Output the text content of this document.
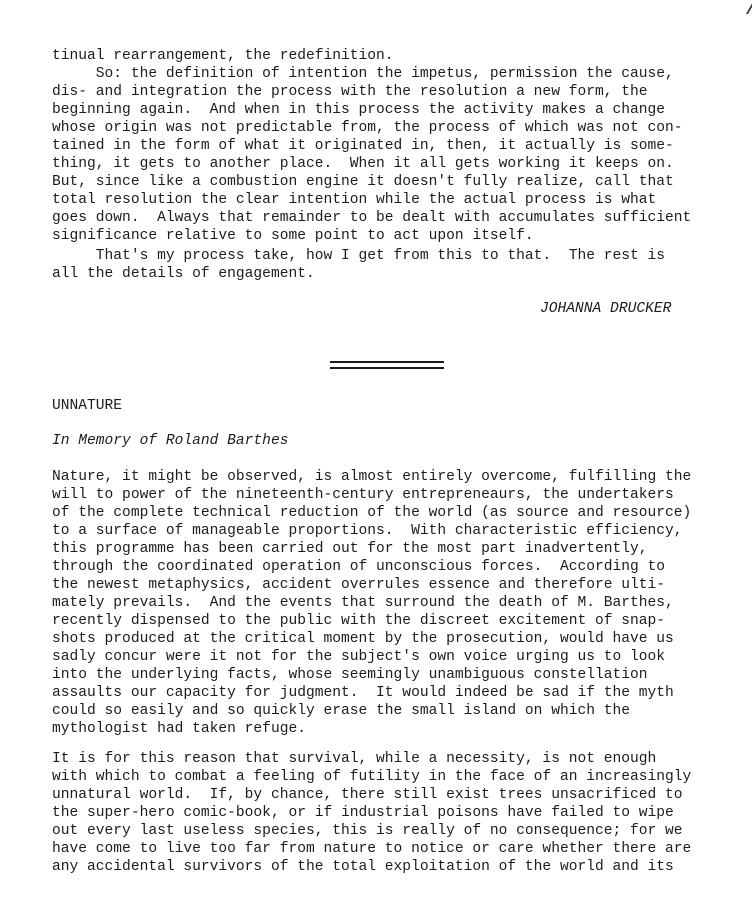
tinual rearrangement, the redefinition.
So: the definition of intention the impetus, permission the cause,
dis- and integration the process with the resolution a new form, the
beginning again.  And when in this process the activity makes a change
whose origin was not predictable from, the process of which was not con-
tained in the form of what it originated in, then, it actually is some-
thing, it gets to another place.  When it all gets working it keeps on.
But, since like a combustion engine it doesn't fully realize, call that
total resolution the clear intention while the actual process is what
goes down.  Always that remainder to be dealt with accumulates sufficient
significance relative to some point to act upon itself.
That's my process take, how I get from this to that.  The rest is
all the details of engagement.
JOHANNA DRUCKER
UNNATURE
In Memory of Roland Barthes
Nature, it might be observed, is almost entirely overcome, fulfilling the
will to power of the nineteenth-century entrepreneaurs, the undertakers
of the complete technical reduction of the world (as source and resource)
to a surface of manageable proportions.  With characteristic efficiency,
this programme has been carried out for the most part inadvertently,
through the coordinated operation of unconscious forces.  According to
the newest metaphysics, accident overrules essence and therefore ulti-
mately prevails.  And the events that surround the death of M. Barthes,
recently dispensed to the public with the discreet excitement of snap-
shots produced at the critical moment by the prosecution, would have us
sadly concur were it not for the subject's own voice urging us to look
into the underlying facts, whose seemingly unambiguous constellation
assaults our capacity for judgment.  It would indeed be sad if the myth
could so easily and so quickly erase the small island on which the
mythologist had taken refuge.
It is for this reason that survival, while a necessity, is not enough
with which to combat a feeling of futility in the face of an increasingly
unnatural world.  If, by chance, there still exist trees unsacrificed to
the super-hero comic-book, or if industrial poisons have failed to wipe
out every last useless species, this is really of no consequence; for we
have come to live too far from nature to notice or care whether there are
any accidental survivors of the total exploitation of the world and its
